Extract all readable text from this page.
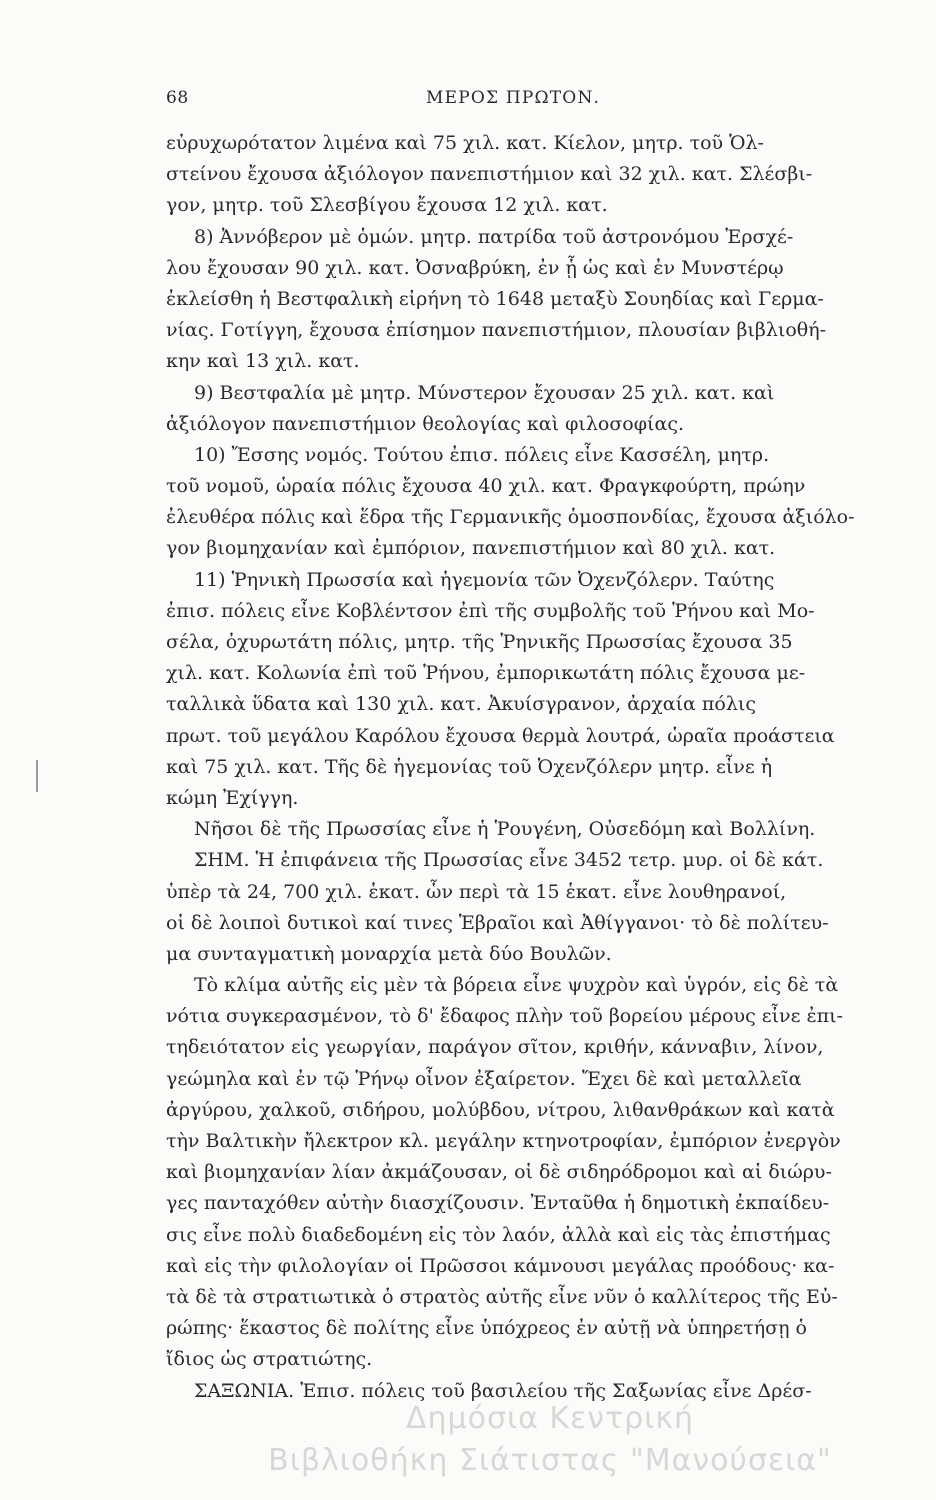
68	ΜΕΡΟΣ ΠΡΩΤΟΝ.
εὐρυχωρότατον λιμένα καὶ 75 χιλ. κατ. Κίελον, μητρ. τοῦ Ὁλ-
στείνου ἔχουσα ἀξιόλογον πανεπιστήμιον καὶ 32 χιλ. κατ. Σλέσβι-
γον, μητρ. τοῦ Σλεσβίγου ἔχουσα 12 χιλ. κατ.
8) Ἀννόβερον μὲ ὁμών. μητρ. πατρίδα τοῦ ἀστρονόμου Ἑρσχέ-
λου ἔχουσαν 90 χιλ. κατ. Ὀσναβρύκη, ἐν ᾗ ὡς καὶ ἐν Μυνστέρῳ
ἐκλείσθη ἡ Βεστφαλικὴ εἰρήνη τὸ 1648 μεταξὺ Σουηδίας καὶ Γερμα-
νίας. Γοτίγγη, ἔχουσα ἐπίσημον πανεπιστήμιον, πλουσίαν βιβλιοθή-
κην καὶ 13 χιλ. κατ.
9) Βεστφαλία μὲ μητρ. Μύνστερον ἔχουσαν 25 χιλ. κατ. καὶ
ἀξιόλογον πανεπιστήμιον θεολογίας καὶ φιλοσοφίας.
10) Ἔσσης νομός. Τούτου ἐπισ. πόλεις εἶνε Κασσέλη, μητρ.
τοῦ νομοῦ, ὡραία πόλις ἔχουσα 40 χιλ. κατ. Φραγκφούρτη, πρώην
ἐλευθέρα πόλις καὶ ἕδρα τῆς Γερμανικῆς ὁμοσπονδίας, ἔχουσα ἀξιόλο-
γον βιομηχανίαν καὶ ἐμπόριον, πανεπιστήμιον καὶ 80 χιλ. κατ.
11) Ῥηνικὴ Πρωσσία καὶ ἡγεμονία τῶν Ὀχενζόλερν. Ταύτης
ἐπισ. πόλεις εἶνε Κοβλέντσον ἐπὶ τῆς συμβολῆς τοῦ Ῥήνου καὶ Μο-
σέλα, ὀχυρωτάτη πόλις, μητρ. τῆς Ῥηνικῆς Πρωσσίας ἔχουσα 35
χιλ. κατ. Κολωνία ἐπὶ τοῦ Ῥήνου, ἐμπορικωτάτη πόλις ἔχουσα με-
ταλλικὰ ὕδατα καὶ 130 χιλ. κατ. Ἀκυίσγρανον, ἀρχαία πόλις
πρωτ. τοῦ μεγάλου Καρόλου ἔχουσα θερμὰ λουτρά, ὡραῖα προάστεια
καὶ 75 χιλ. κατ. Τῆς δὲ ἡγεμονίας τοῦ Ὀχενζόλερν μητρ. εἶνε ἡ
κώμη Ἐχίγγη.
Νῆσοι δὲ τῆς Πρωσσίας εἶνε ἡ Ῥουγένη, Οὐσεδόμη καὶ Βολλίνη.
ΣΗΜ. Ἡ ἐπιφάνεια τῆς Πρωσσίας εἶνε 3452 τετρ. μυρ. οἱ δὲ κάτ.
ὑπὲρ τὰ 24, 700 χιλ. ἑκατ. ὧν περὶ τὰ 15 ἑκατ. εἶνε λουθηρανοί,
οἱ δὲ λοιποὶ δυτικοὶ καί τινες Ἑβραῖοι καὶ Ἀθίγγανοι· τὸ δὲ πολίτευ-
μα συνταγματικὴ μοναρχία μετὰ δύο Βουλῶν.
Τὸ κλίμα αὐτῆς εἰς μὲν τὰ βόρεια εἶνε ψυχρὸν καὶ ὑγρόν, εἰς δὲ τὰ
νότια συγκερασμένον, τὸ δ' ἔδαφος πλὴν τοῦ βορείου μέρους εἶνε ἐπι-
τηδειότατον εἰς γεωργίαν, παράγον σῖτον, κριθήν, κάνναβιν, λίνον,
γεώμηλα καὶ ἐν τῷ Ῥήνῳ οἶνον ἐξαίρετον. Ἔχει δὲ καὶ μεταλλεῖα
ἀργύρου, χαλκοῦ, σιδήρου, μολύβδου, νίτρου, λιθανθράκων καὶ κατὰ
τὴν Βαλτικὴν ἤλεκτρον κλ. μεγάλην κτηνοτροφίαν, ἐμπόριον ἐνεργὸν
καὶ βιομηχανίαν λίαν ἀκμάζουσαν, οἱ δὲ σιδηρόδρομοι καὶ αἱ διώρυ-
γες πανταχόθεν αὐτὴν διασχίζουσιν. Ἐνταῦθα ἡ δημοτικὴ ἐκπαίδευ-
σις εἶνε πολὺ διαδεδομένη εἰς τὸν λαόν, ἀλλὰ καὶ εἰς τὰς ἐπιστήμας
καὶ εἰς τὴν φιλολογίαν οἱ Πρῶσσοι κάμνουσι μεγάλας προόδους· κα-
τὰ δὲ τὰ στρατιωτικὰ ὁ στρατὸς αὐτῆς εἶνε νῦν ὁ καλλίτερος τῆς Εὐ-
ρώπης· ἕκαστος δὲ πολίτης εἶνε ὑπόχρεος ἐν αὐτῇ νὰ ὑπηρετήσῃ ὁ
ἴδιος ὡς στρατιώτης.
ΣΑΞΩΝΙΑ. Ἐπισ. πόλεις τοῦ βασιλείου τῆς Σαξωνίας εἶνε Δρέσ-
Δημόσια Κεντρική
Βιβλιοθήκη Σιάτιστας "Μανούσεια"
